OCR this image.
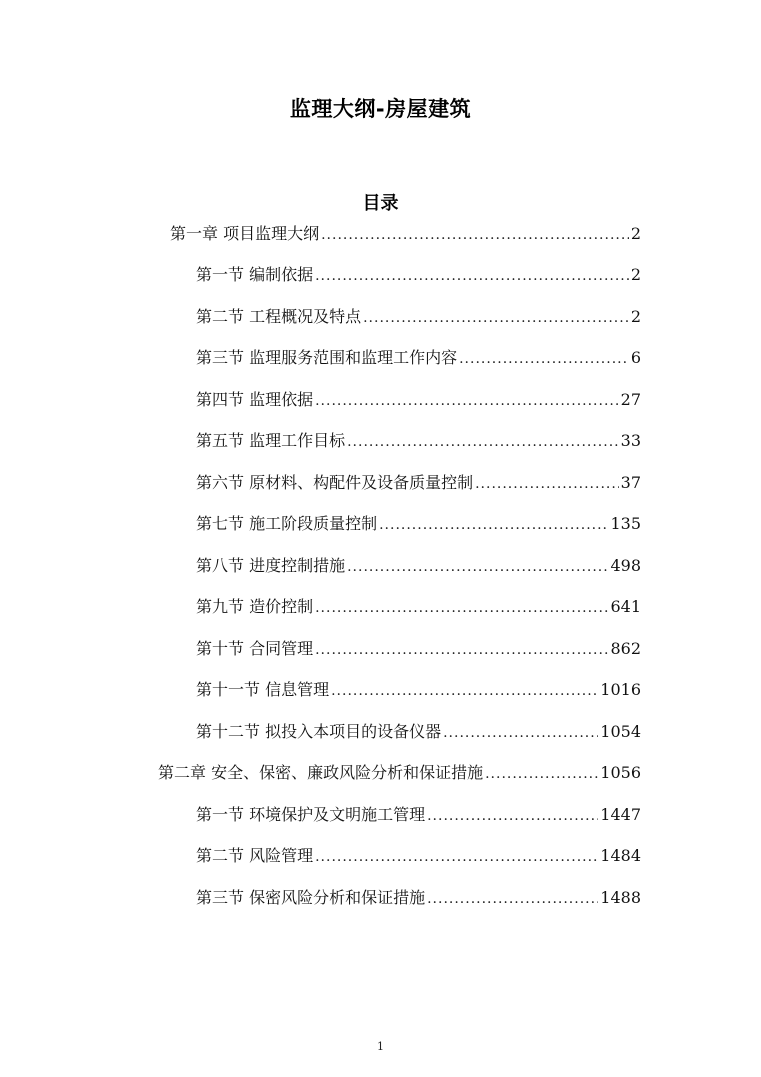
监理大纲-房屋建筑
目录
第一章 项目监理大纲 .....	2
第一节 编制依据 .....	2
第二节 工程概况及特点 .....	2
第三节 监理服务范围和监理工作内容 .....	6
第四节 监理依据 .....	27
第五节 监理工作目标 .....	33
第六节 原材料、构配件及设备质量控制 .....	37
第七节 施工阶段质量控制 .....	135
第八节 进度控制措施 .....	498
第九节 造价控制 .....	641
第十节 合同管理 .....	862
第十一节 信息管理 .....	1016
第十二节 拟投入本项目的设备仪器 .....	1054
第二章 安全、保密、廉政风险分析和保证措施 .....	1056
第一节 环境保护及文明施工管理 .....	1447
第二节 风险管理 .....	1484
第三节 保密风险分析和保证措施 .....	1488
1
